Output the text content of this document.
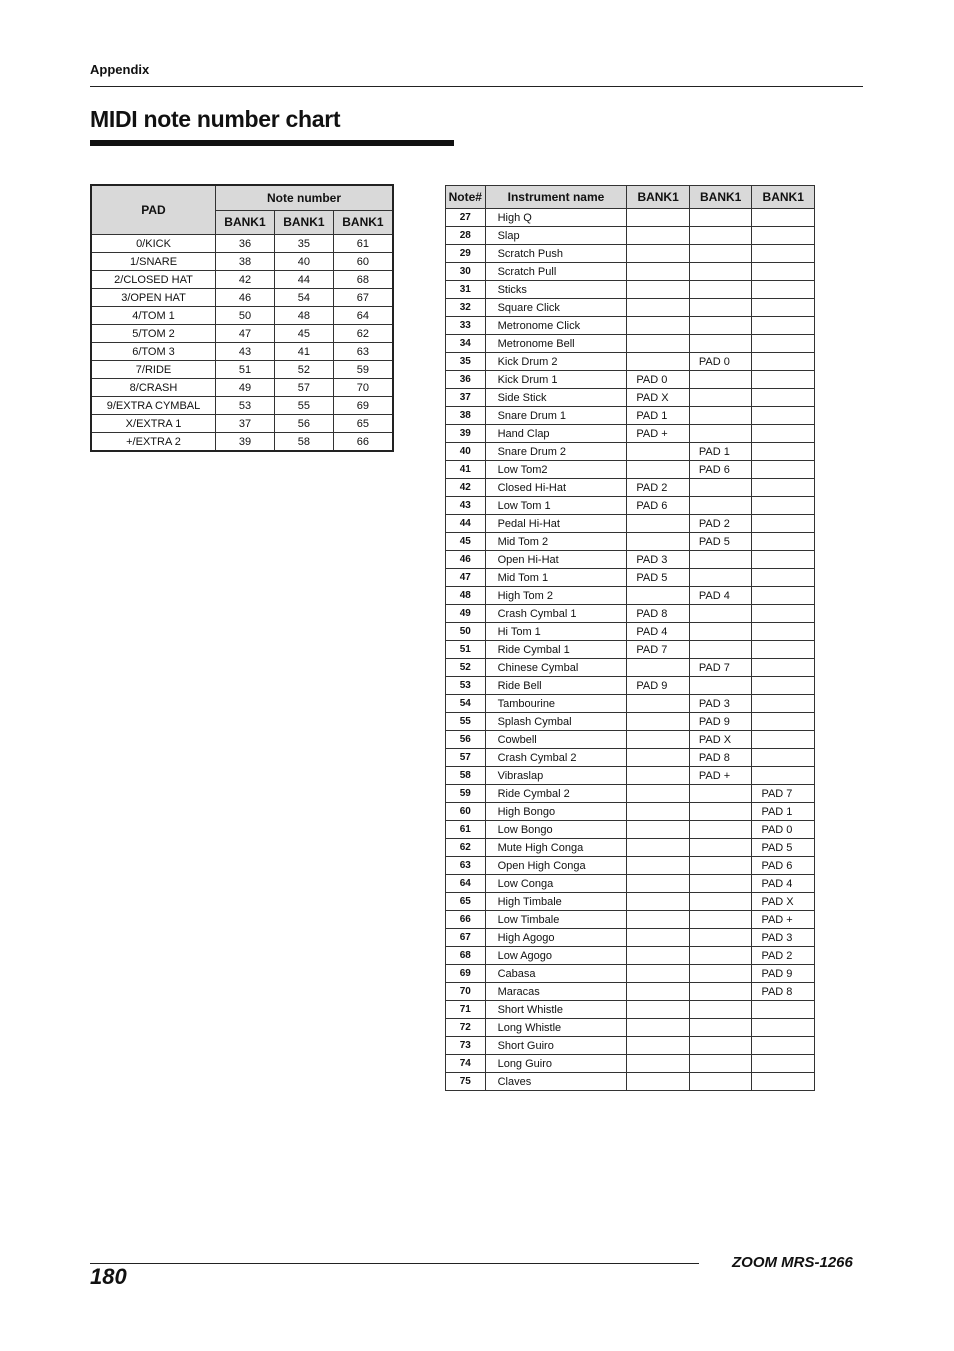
Appendix
MIDI note number chart
PAD	Note number		
	BANK1	BANK1	BANK1
0/KICK	36	35	61
1/SNARE	38	40	60
2/CLOSED HAT	42	44	68
3/OPEN HAT	46	54	67
4/TOM 1	50	48	64
5/TOM 2	47	45	62
6/TOM 3	43	41	63
7/RIDE	51	52	59
8/CRASH	49	57	70
9/EXTRA CYMBAL	53	55	69
X/EXTRA 1	37	56	65
+/EXTRA 2	39	58	66
Note#	Instrument name	BANK1	BANK1	BANK1
27	High Q			
28	Slap			
29	Scratch Push			
30	Scratch Pull			
31	Sticks			
32	Square Click			
33	Metronome Click			
34	Metronome Bell			
35	Kick Drum 2		PAD 0	
36	Kick Drum 1	PAD 0		
37	Side Stick	PAD X		
38	Snare Drum 1	PAD 1		
39	Hand Clap	PAD +		
40	Snare Drum 2		PAD 1	
41	Low Tom2		PAD 6	
42	Closed Hi-Hat	PAD 2		
43	Low Tom 1	PAD 6		
44	Pedal Hi-Hat		PAD 2	
45	Mid Tom 2		PAD 5	
46	Open Hi-Hat	PAD 3		
47	Mid Tom 1	PAD 5		
48	High Tom 2		PAD 4	
49	Crash Cymbal 1	PAD 8		
50	Hi Tom 1	PAD 4		
51	Ride Cymbal 1	PAD 7		
52	Chinese Cymbal		PAD 7	
53	Ride Bell	PAD 9		
54	Tambourine		PAD 3	
55	Splash Cymbal		PAD 9	
56	Cowbell		PAD X	
57	Crash Cymbal 2		PAD 8	
58	Vibraslap		PAD +	
59	Ride Cymbal 2			PAD 7
60	High Bongo			PAD 1
61	Low Bongo			PAD 0
62	Mute High Conga			PAD 5
63	Open High Conga			PAD 6
64	Low Conga			PAD 4
65	High Timbale			PAD X
66	Low Timbale			PAD +
67	High Agogo			PAD 3
68	Low Agogo			PAD 2
69	Cabasa			PAD 9
70	Maracas			PAD 8
71	Short Whistle			
72	Long Whistle			
73	Short Guiro			
74	Long Guiro			
75	Claves			
180
ZOOM MRS-1266
